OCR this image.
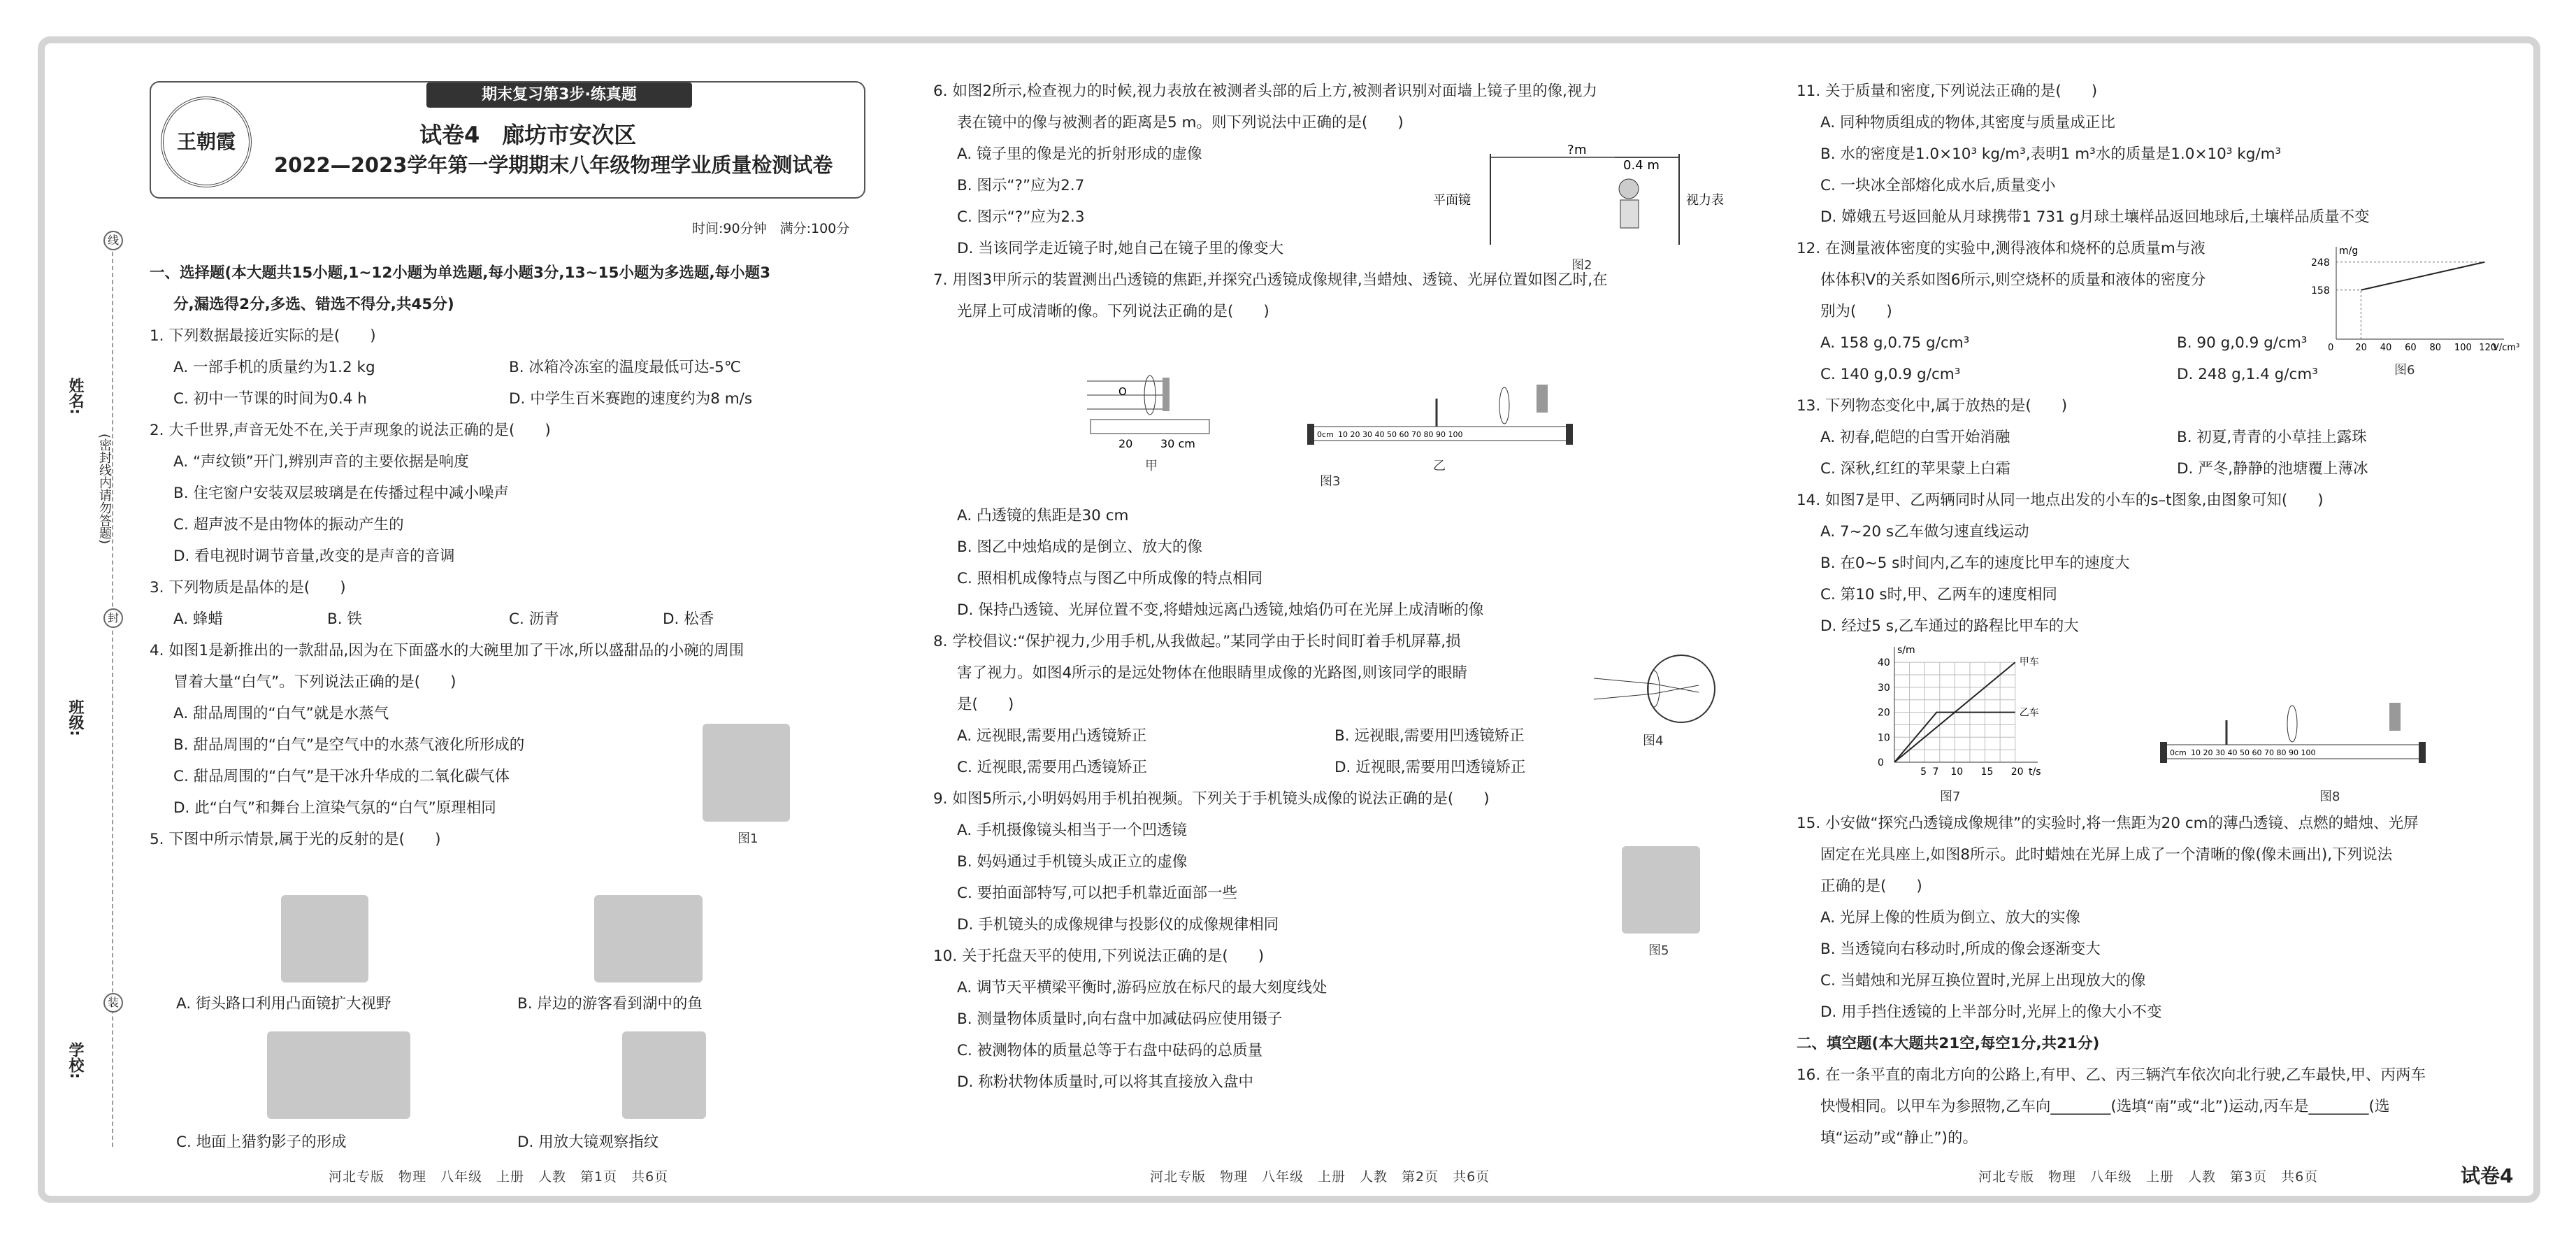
线
封
装
姓名:
班级:
学校:
(密封线内请勿答题)
期末复习第3步·练真题
王朝霞	试卷4　廊坊市安次区
2022—2023学年第一学期期末八年级物理学业质量检测试卷
时间:90分钟　满分:100分

一、选择题(本大题共15小题,1~12小题为单选题,每小题3分,13~15小题为多选题,每小题3

分,漏选得2分,多选、错选不得分,共45分)

1. 下列数据最接近实际的是(　　)

A. 一部手机的质量约为1.2 kg	B. 冰箱冷冻室的温度最低可达-5℃

C. 初中一节课的时间为0.4 h	D. 中学生百米赛跑的速度约为8 m/s

2. 大千世界,声音无处不在,关于声现象的说法正确的是(　　)

A. “声纹锁”开门,辨别声音的主要依据是响度

B. 住宅窗户安装双层玻璃是在传播过程中减小噪声

C. 超声波不是由物体的振动产生的

D. 看电视时调节音量,改变的是声音的音调

3. 下列物质是晶体的是(　　)

A. 蜂蜡	B. 铁	C. 沥青	D. 松香

4. 如图1是新推出的一款甜品,因为在下面盛水的大碗里加了干冰,所以盛甜品的小碗的周围

冒着大量“白气”。下列说法正确的是(　　)

A. 甜品周围的“白气”就是水蒸气

B. 甜品周围的“白气”是空气中的水蒸气液化所形成的

C. 甜品周围的“白气”是干冰升华成的二氧化碳气体

D. 此“白气”和舞台上渲染气氛的“白气”原理相同

5. 下图中所示情景,属于光的反射的是(　　)	图1
A. 街头路口利用凸面镜扩大视野	B. 岸边的游客看到湖中的鱼
C. 地面上猎豹影子的形成	D. 用放大镜观察指纹
河北专版　物理　八年级　上册　人教　第1页　共6页

6. 如图2所示,检查视力的时候,视力表放在被测者头部的后上方,被测者识别对面墙上镜子里的像,视力

表在镜中的像与被测者的距离是5 m。则下列说法中正确的是(　　)

A. 镜子里的像是光的折射形成的虚像

B. 图示“?”应为2.7

C. 图示“?”应为2.3

D. 当该同学走近镜子时,她自己在镜子里的像变大

7. 用图3甲所示的装置测出凸透镜的焦距,并探究凸透镜成像规律,当蜡烛、透镜、光屏位置如图乙时,在

光屏上可成清晰的像。下列说法正确的是(　　)

? m
0.4 m
平面镜	视力表
图2
O
20 30 cm
0cm 10 20 30 40 50 60 70 80 90 100
甲	乙
图3

A. 凸透镜的焦距是30 cm

B. 图乙中烛焰成的是倒立、放大的像

C. 照相机成像特点与图乙中所成像的特点相同

D. 保持凸透镜、光屏位置不变,将蜡烛远离凸透镜,烛焰仍可在光屏上成清晰的像

8. 学校倡议:“保护视力,少用手机,从我做起。”某同学由于长时间盯着手机屏幕,损

害了视力。如图4所示的是远处物体在他眼睛里成像的光路图,则该同学的眼睛

是(　　)

A. 远视眼,需要用凸透镜矫正	B. 远视眼,需要用凹透镜矫正

C. 近视眼,需要用凸透镜矫正	D. 近视眼,需要用凹透镜矫正

9. 如图5所示,小明妈妈用手机拍视频。下列关于手机镜头成像的说法正确的是(　　)

A. 手机摄像镜头相当于一个凹透镜

B. 妈妈通过手机镜头成正立的虚像

C. 要拍面部特写,可以把手机靠近面部一些

D. 手机镜头的成像规律与投影仪的成像规律相同

10. 关于托盘天平的使用,下列说法正确的是(　　)

A. 调节天平横梁平衡时,游码应放在标尺的最大刻度线处

B. 测量物体质量时,向右盘中加减砝码应使用镊子

C. 被测物体的质量总等于右盘中砝码的总质量

D. 称粉状物体质量时,可以将其直接放入盘中

图4
图5
河北专版　物理　八年级　上册　人教　第2页　共6页

11. 关于质量和密度,下列说法正确的是(　　)

A. 同种物质组成的物体,其密度与质量成正比

B. 水的密度是1.0×10³ kg/m³,表明1 m³水的质量是1.0×10³ kg/m³

C. 一块冰全部熔化成水后,质量变小

D. 嫦娥五号返回舱从月球携带1 731 g月球土壤样品返回地球后,土壤样品质量不变

12. 在测量液体密度的实验中,测得液体和烧杯的总质量m与液

体体积V的关系如图6所示,则空烧杯的质量和液体的密度分

别为(　　)

A. 158 g,0.75 g/cm³	B. 90 g,0.9 g/cm³

C. 140 g,0.9 g/cm³	D. 248 g,1.4 g/cm³

13. 下列物态变化中,属于放热的是(　　)

A. 初春,皑皑的白雪开始消融	B. 初夏,青青的小草挂上露珠

C. 深秋,红红的苹果蒙上白霜	D. 严冬,静静的池塘覆上薄冰

14. 如图7是甲、乙两辆同时从同一地点出发的小车的s–t图象,由图象可知(　　)

A. 7~20 s乙车做匀速直线运动

B. 在0~5 s时间内,乙车的速度比甲车的速度大

C. 第10 s时,甲、乙两车的速度相同

D. 经过5 s,乙车通过的路程比甲车的大

m/g
V/cm³
158
248
20 40 60 80 100 120
0
图6
s/m
t/s
0
10
20
30
40
5 7 10 15 20
甲车
乙车
图7
0cm 10 20 30 40 50 60 70 80 90 100
图8

15. 小安做“探究凸透镜成像规律”的实验时,将一焦距为20 cm的薄凸透镜、点燃的蜡烛、光屏

固定在光具座上,如图8所示。此时蜡烛在光屏上成了一个清晰的像(像未画出),下列说法

正确的是(　　)

A. 光屏上像的性质为倒立、放大的实像

B. 当透镜向右移动时,所成的像会逐渐变大

C. 当蜡烛和光屏互换位置时,光屏上出现放大的像

D. 用手挡住透镜的上半部分时,光屏上的像大小不变

二、填空题(本大题共21空,每空1分,共21分)

16. 在一条平直的南北方向的公路上,有甲、乙、丙三辆汽车依次向北行驶,乙车最快,甲、丙两车

快慢相同。以甲车为参照物,乙车向________(选填“南”或“北”)运动,丙车是________(选

填“运动”或“静止”)的。

河北专版　物理　八年级　上册　人教　第3页　共6页	试卷4
